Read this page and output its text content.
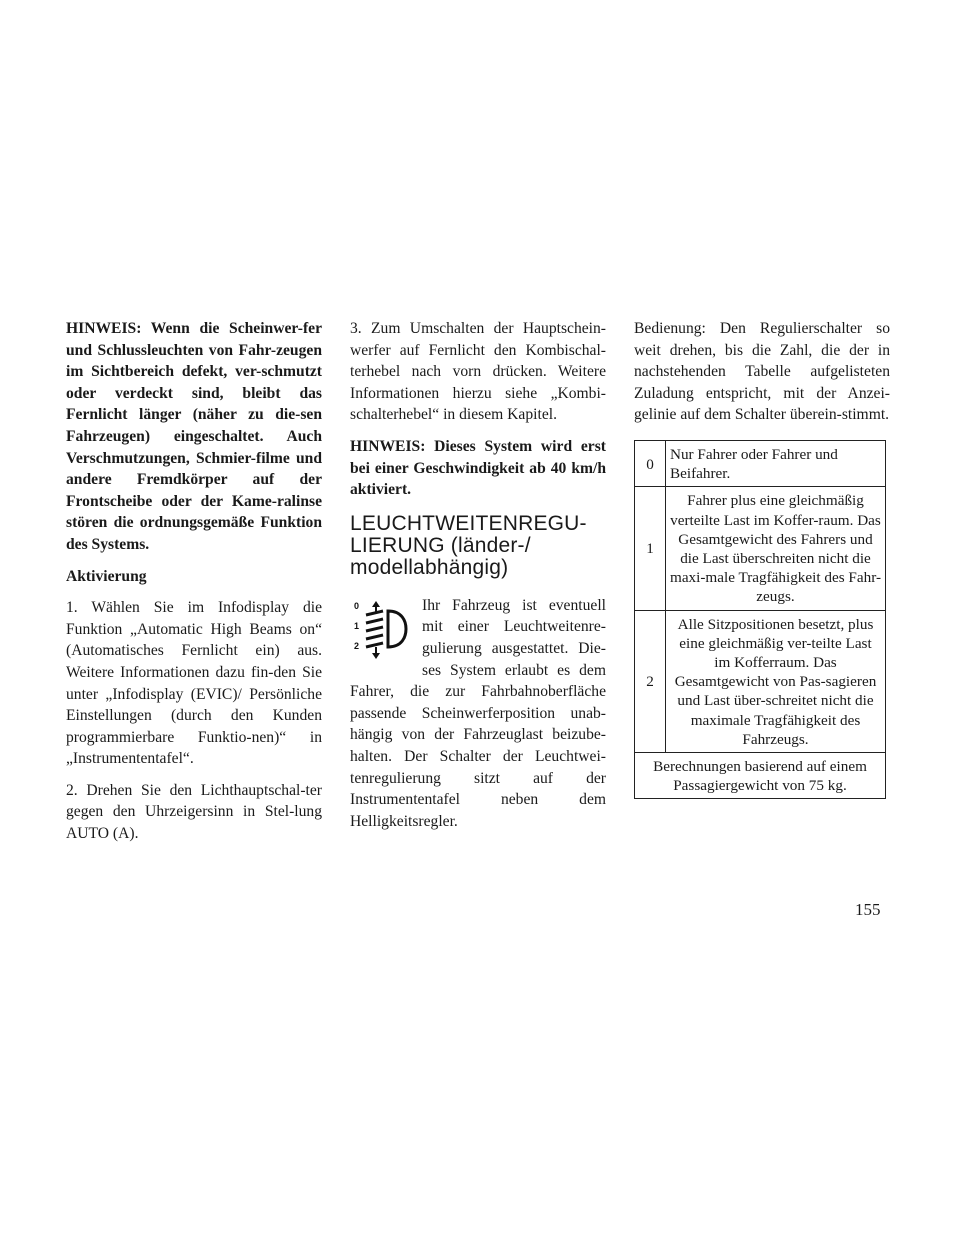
HINWEIS: Wenn die Scheinwer-fer und Schlussleuchten von Fahr-zeugen im Sichtbereich defekt, ver-schmutzt oder verdeckt sind, bleibt das Fernlicht länger (näher zu die-sen Fahrzeugen) eingeschaltet. Auch Verschmutzungen, Schmier-filme und andere Fremdkörper auf der Frontscheibe oder der Kame-ralinse stören die ordnungsgemäße Funktion des Systems.

Aktivierung

1. Wählen Sie im Infodisplay die Funktion „Automatic High Beams on“ (Automatisches Fernlicht ein) aus. Weitere Informationen dazu fin-den Sie unter „Infodisplay (EVIC)/ Persönliche Einstellungen (durch den Kunden programmierbare Funktio-nen)“ in „Instrumententafel“.

2. Drehen Sie den Lichthauptschal-ter gegen den Uhrzeigersinn in Stel-lung AUTO (A).

3. Zum Umschalten der Hauptschein-werfer auf Fernlicht den Kombischal-terhebel nach vorn drücken. Weitere Informationen hierzu siehe „Kombi-schalterhebel“ in diesem Kapitel.

HINWEIS: Dieses System wird erst bei einer Geschwindigkeit ab 40 km/h aktiviert.

LEUCHTWEITENREGU-
LIERUNG (länder-/
modellabhängig)

0
1
2
Ihr Fahrzeug ist eventuell mit einer Leuchtweitenre-gulierung ausgestattet. Die-ses System erlaubt es dem Fahrer, die zur Fahrbahnoberfläche passende Scheinwerferposition unab-hängig von der Fahrzeuglast beizube-halten. Der Schalter der Leuchtwei-tenregulierung sitzt auf der Instrumententafel neben dem Helligkeitsregler.

Bedienung: Den Regulierschalter so weit drehen, bis die Zahl, die der in nachstehenden Tabelle aufgelisteten Zuladung entspricht, mit der Anzei-gelinie auf dem Schalter überein-stimmt.

0	Nur Fahrer oder Fahrer und Beifahrer.
1	Fahrer plus eine gleichmäßig verteilte Last im Koffer-raum. Das Gesamtgewicht des Fahrers und die Last überschreiten nicht die maxi-male Tragfähigkeit des Fahr-zeugs.
2	Alle Sitzpositionen besetzt, plus eine gleichmäßig ver-teilte Last im Kofferraum. Das Gesamtgewicht von Pas-sagieren und Last über-schreitet nicht die maximale Tragfähigkeit des Fahrzeugs.
Berechnungen basierend auf einem Passagiergewicht von 75 kg.	
155
